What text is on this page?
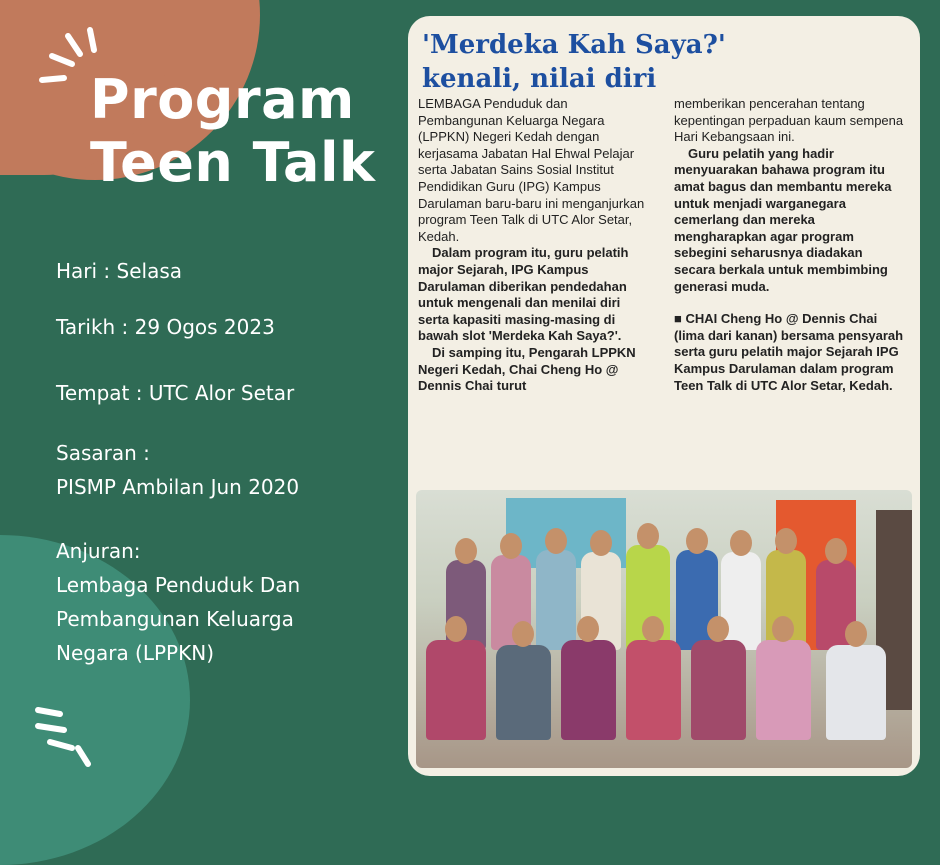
Program
Teen Talk
Hari : Selasa
Tarikh : 29 Ogos 2023
Tempat : UTC Alor Setar
Sasaran :
PISMP Ambilan Jun 2020
Anjuran:
Lembaga Penduduk Dan
Pembangunan Keluarga
Negara (LPPKN)
'Merdeka Kah Saya?'
kenali, nilai diri

LEMBAGA Penduduk dan Pembangunan Keluarga Negara (LPPKN) Negeri Kedah dengan kerjasama Jabatan Hal Ehwal Pelajar serta Jabatan Sains Sosial Institut Pendidikan Guru (IPG) Kampus Darulaman baru-baru ini menganjurkan program Teen Talk di UTC Alor Setar, Kedah.

Dalam program itu, guru pelatih major Sejarah, IPG Kampus Darulaman diberikan pendedahan untuk mengenali dan menilai diri serta kapasiti masing-masing di bawah slot 'Merdeka Kah Saya?'.

Di samping itu, Pengarah LPPKN Negeri Kedah, Chai Cheng Ho @ Dennis Chai turut

memberikan pencerahan tentang kepentingan perpaduan kaum sempena Hari Kebangsaan ini.

Guru pelatih yang hadir menyuarakan bahawa program itu amat bagus dan membantu mereka untuk menjadi warganegara cemerlang dan mereka mengharapkan agar program sebegini seharusnya diadakan secara berkala untuk membimbing generasi muda.

■ CHAI Cheng Ho @ Dennis Chai (lima dari kanan) bersama pensyarah serta guru pelatih major Sejarah IPG Kampus Darulaman dalam program Teen Talk di UTC Alor Setar, Kedah.
